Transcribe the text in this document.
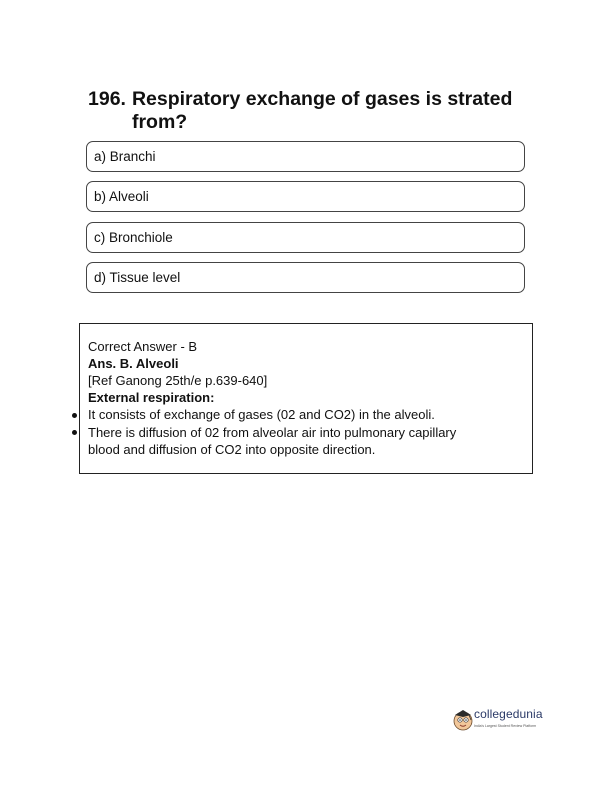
196. Respiratory exchange of gases is strated from?
a) Branchi
b) Alveoli
c) Bronchiole
d) Tissue level
Correct Answer - B
Ans. B. Alveoli
[Ref Ganong 25th/e p.639-640]
External respiration:
It consists of exchange of gases (02 and CO2) in the alveoli.
There is diffusion of 02 from alveolar air into pulmonary capillary
blood and diffusion of CO2 into opposite direction.
collegedunia
India's Largest Student Review Platform
